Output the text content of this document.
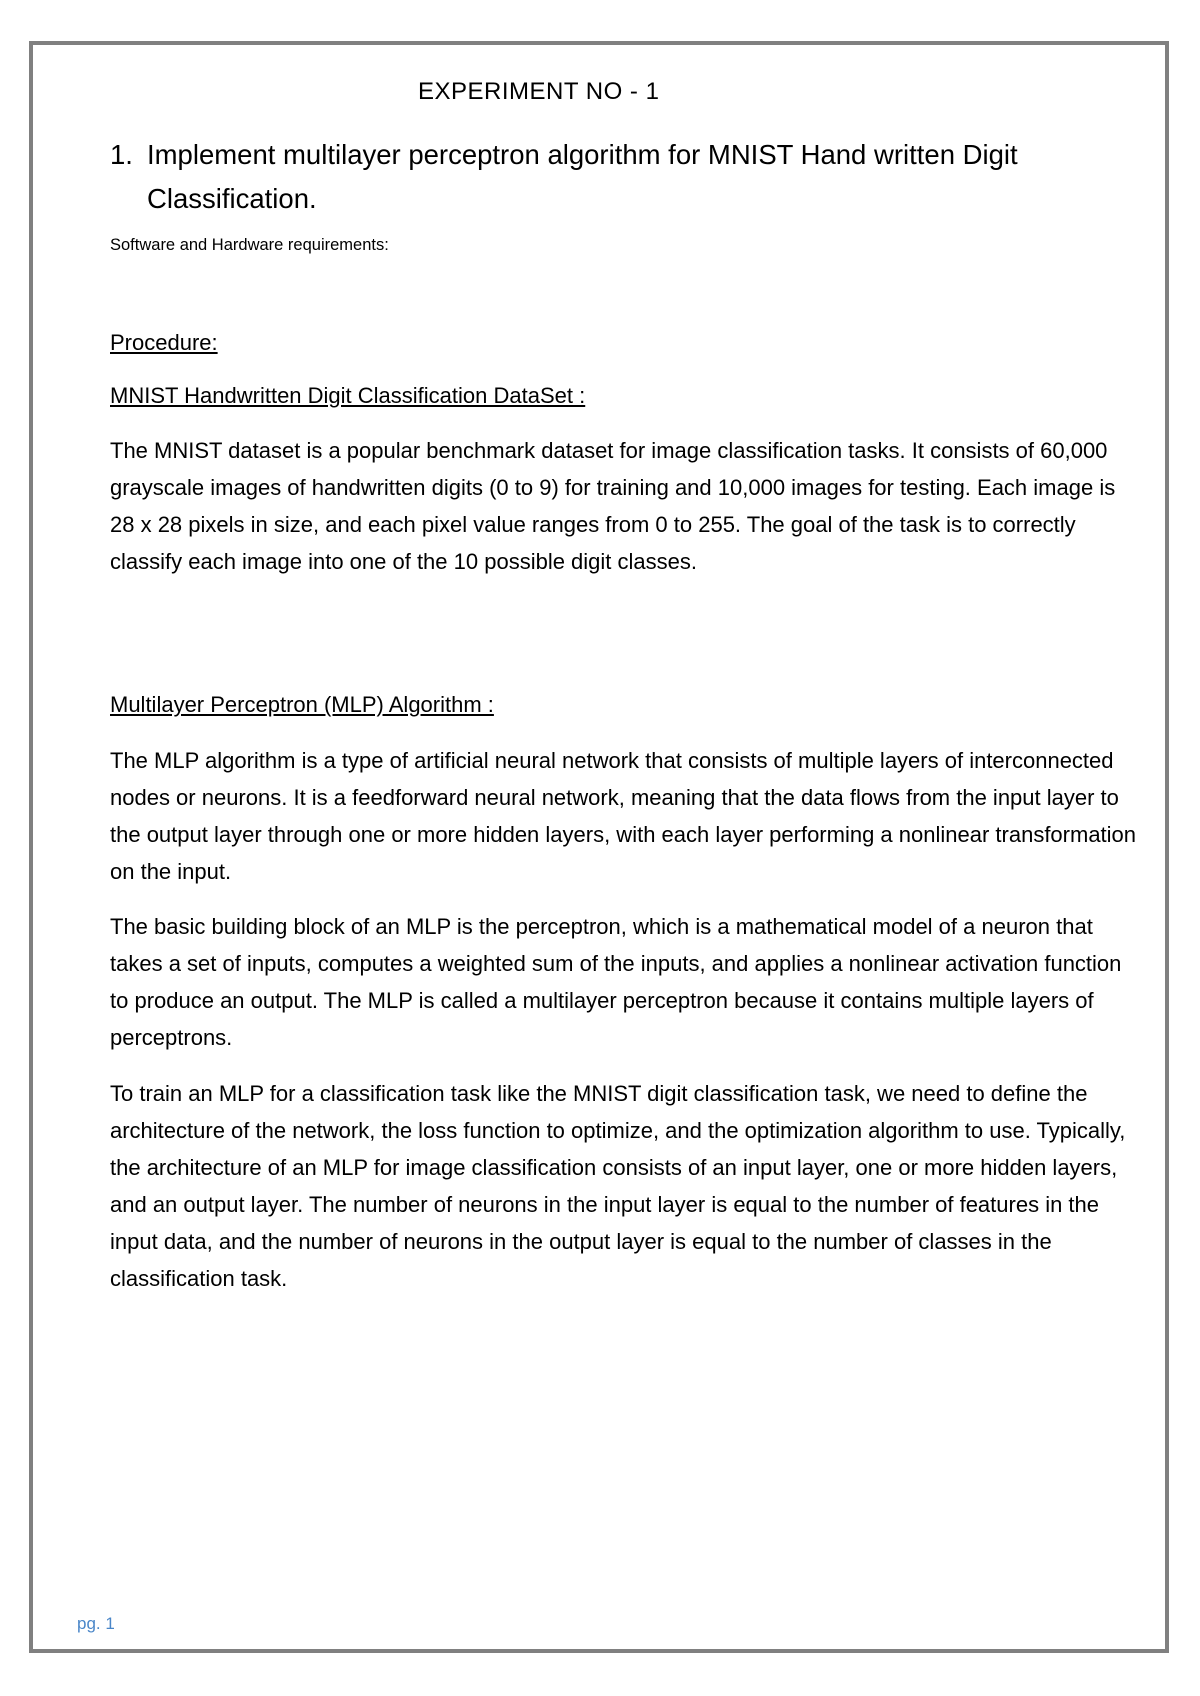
EXPERIMENT NO - 1
1. Implement multilayer perceptron algorithm for MNIST Hand written Digit Classification.
Software and Hardware requirements:
Procedure:
MNIST Handwritten Digit Classification DataSet :

The MNIST dataset is a popular benchmark dataset for image classification tasks. It consists of 60,000 grayscale images of handwritten digits (0 to 9) for training and 10,000 images for testing. Each image is 28 x 28 pixels in size, and each pixel value ranges from 0 to 255. The goal of the task is to correctly classify each image into one of the 10 possible digit classes.

Multilayer Perceptron (MLP) Algorithm :

The MLP algorithm is a type of artificial neural network that consists of multiple layers of interconnected nodes or neurons. It is a feedforward neural network, meaning that the data flows from the input layer to the output layer through one or more hidden layers, with each layer performing a nonlinear transformation on the input.

The basic building block of an MLP is the perceptron, which is a mathematical model of a neuron that takes a set of inputs, computes a weighted sum of the inputs, and applies a nonlinear activation function to produce an output. The MLP is called a multilayer perceptron because it contains multiple layers of perceptrons.

To train an MLP for a classification task like the MNIST digit classification task, we need to define the architecture of the network, the loss function to optimize, and the optimization algorithm to use. Typically, the architecture of an MLP for image classification consists of an input layer, one or more hidden layers, and an output layer. The number of neurons in the input layer is equal to the number of features in the input data, and the number of neurons in the output layer is equal to the number of classes in the classification task.

pg. 1
